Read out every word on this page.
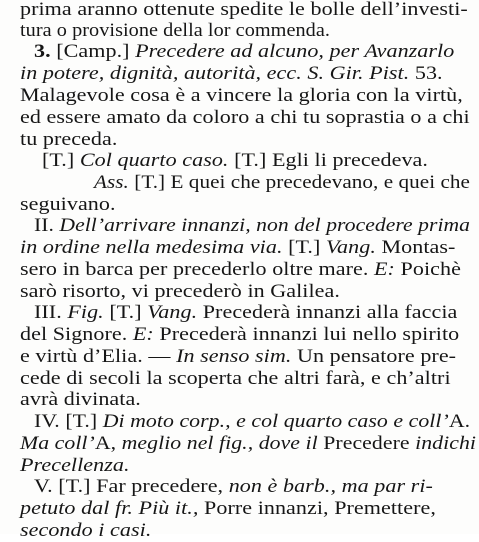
prima aranno ottenute spedite le bolle dell’investi-
tura o provisione della lor commenda.
3. [Camp.] Precedere ad alcuno, per Avanzarlo
in potere, dignità, autorità, ecc. S. Gir. Pist. 53.
Malagevole cosa è a vincere la gloria con la virtù,
ed essere amato da coloro a chi tu soprastia o a chi
tu preceda.
[T.] Col quarto caso. [T.] Egli li precedeva.
Ass. [T.] E quei che precedevano, e quei che
seguivano.
II. Dell’arrivare innanzi, non del procedere prima
in ordine nella medesima via. [T.] Vang. Montas-
sero in barca per precederlo oltre mare. E: Poichè
sarò risorto, vi precederò in Galilea.
III. Fig. [T.] Vang. Precederà innanzi alla faccia
del Signore. E: Precederà innanzi lui nello spirito
e virtù d’Elia. — In senso sim. Un pensatore pre-
cede di secoli la scoperta che altri farà, e ch’altri
avrà divinata.
IV. [T.] Di moto corp., e col quarto caso e coll’A.
Ma coll’A, meglio nel fig., dove il Precedere indichi
Precellenza.
V. [T.] Far precedere, non è barb., ma par ri-
petuto dal fr. Più it., Porre innanzi, Premettere,
secondo i casi.
